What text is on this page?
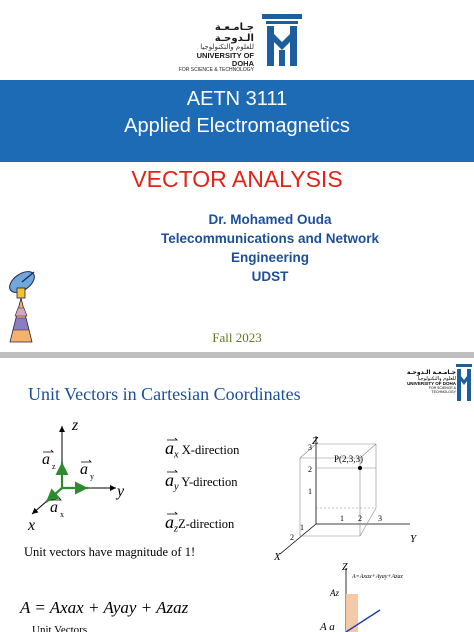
جـامـعـة الـدوحـة
للعلوم والتكنولوجيا
UNIVERSITY OF DOHA
FOR SCIENCE & TECHNOLOGY
AETN 3111
Applied Electromagnetics
VECTOR ANALYSIS
Dr. Mohamed Ouda
Telecommunications and Network
Engineering
UDST
Fall 2023
Unit Vectors in Cartesian Coordinates
جـامـعـة الـدوحـة
للعلوم والتكنولوجيا
UNIVERSITY OF DOHA
FOR SCIENCE & TECHNOLOGY
z
y
x
a z a y
a x
$a_x$ X-direction
$a_y$ Y-direction
$a_zZ$-direction
Unit vectors have magnitude of 1!
Z
Y
X
P(2,3,3)
3
2
1
1 2 3
1
2
A = Axax + Ayay + Azaz
Unit Vectors
Z
Az
A=Axax+Ayay+Azaz
A a
